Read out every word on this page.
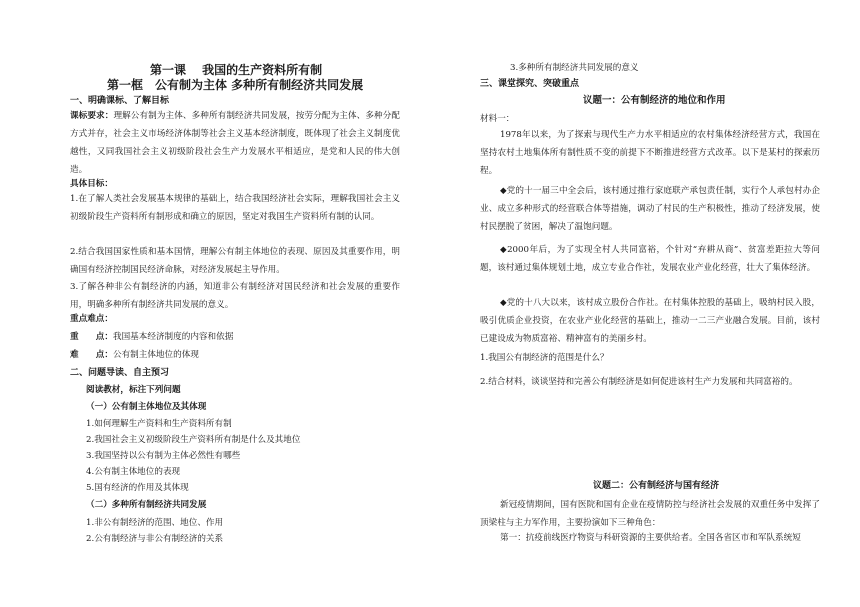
第一课　 我国的生产资料所有制
第一框　公有制为主体 多种所有制经济共同发展
一、明确课标、了解目标
课标要求：理解公有制为主体、多种所有制经济共同发展，按劳分配为主体、多种分配方式并存，社会主义市场经济体制等社会主义基本经济制度，既体现了社会主义制度优越性，又同我国社会主义初级阶段社会生产力发展水平相适应，是党和人民的伟大创造。
具体目标：
1.在了解人类社会发展基本规律的基础上，结合我国经济社会实际，理解我国社会主义初级阶段生产资料所有制形成和确立的原因，坚定对我国生产资料所有制的认同。
2.结合我国国家性质和基本国情，理解公有制主体地位的表现、原因及其重要作用，明确国有经济控制国民经济命脉，对经济发展起主导作用。
3.了解各种非公有制经济的内涵，知道非公有制经济对国民经济和社会发展的重要作用，明确多种所有制经济共同发展的意义。
重点难点：
重　　点：我国基本经济制度的内容和依据
难　　点：公有制主体地位的体现
二、问题导读、自主预习
阅读教材，标注下列问题
（一）公有制主体地位及其体现
1.如何理解生产资料和生产资料所有制
2.我国社会主义初级阶段生产资料所有制是什么及其地位
3.我国坚持以公有制为主体必然性有哪些
4.公有制主体地位的表现
5.国有经济的作用及其体现
（二）多种所有制经济共同发展
1.非公有制经济的范围、地位、作用
2.公有制经济与非公有制经济的关系
3.多种所有制经济共同发展的意义
三、课堂探究、突破重点
议题一：公有制经济的地位和作用
材料一：
1978年以来，为了探索与现代生产力水平相适应的农村集体经济经营方式，我国在坚持农村土地集体所有制性质不变的前提下不断推进经营方式改革。以下是某村的探索历程。
◆党的十一届三中全会后，该村通过推行家庭联产承包责任制，实行个人承包村办企业、成立多种形式的经营联合体等措施，调动了村民的生产积极性，推动了经济发展，使村民摆脱了贫困，解决了温饱问题。
◆2000年后，为了实现全村人共同富裕，个针对“弃耕从商”、贫富差距拉大等问题，该村通过集体规划土地，成立专业合作社，发展农业产业化经营，壮大了集体经济。
◆党的十八大以来，该村成立股份合作社。在村集体控股的基础上，吸纳村民入股，吸引优质企业投资，在农业产业化经营的基础上，推动一二三产业融合发展。目前，该村已建设成为物质富裕、精神富有的美丽乡村。
1.我国公有制经济的范围是什么？
2.结合材料，谈谈坚持和完善公有制经济是如何促进该村生产力发展和共同富裕的。
议题二：公有制经济与国有经济
新冠疫情期间，国有医院和国有企业在疫情防控与经济社会发展的双重任务中发挥了顶梁柱与主力军作用，主要扮演如下三种角色：
第一：抗疫前线医疗物资与科研资源的主要供给者。全国各省区市和军队系统短
